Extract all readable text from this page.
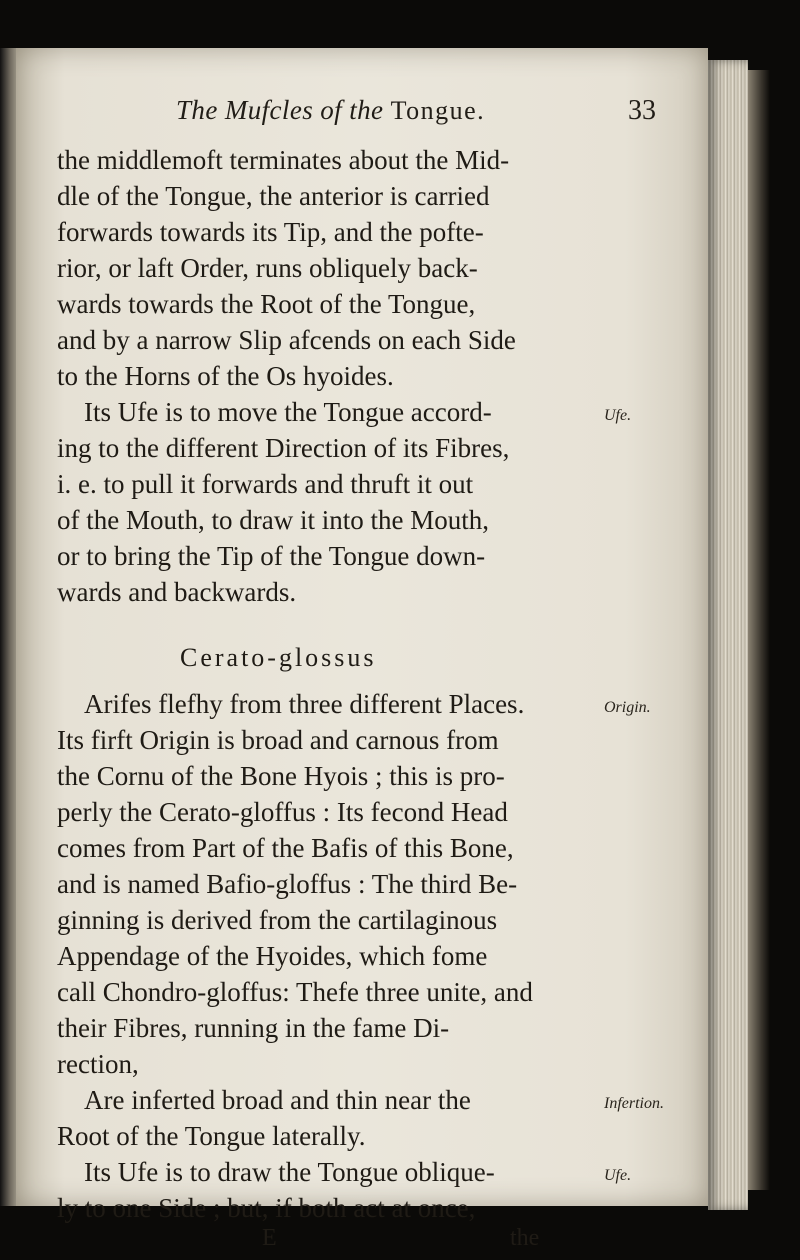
The Mufcles of the Tongue.	33
the middlemoft terminates about the Mid-
dle of the Tongue, the anterior is carried
forwards towards its Tip, and the pofte-
rior, or laft Order, runs obliquely back-
wards towards the Root of the Tongue,
and by a narrow Slip afcends on each Side
to the Horns of the Os hyoides.
Its Ufe is to move the Tongue accord-
ing to the different Direction of its Fibres,
i. e. to pull it forwards and thruft it out
of the Mouth, to draw it into the Mouth,
or to bring the Tip of the Tongue down-
wards and backwards.
Cerato-glossus
Arifes flefhy from three different Places.
Its firft Origin is broad and carnous from
the Cornu of the Bone Hyois ; this is pro-
perly the Cerato-gloffus : Its fecond Head
comes from Part of the Bafis of this Bone,
and is named Bafio-gloffus : The third Be-
ginning is derived from the cartilaginous
Appendage of the Hyoides, which fome
call Chondro-gloffus: Thefe three unite, and
their Fibres, running in the fame Di-
rection,
Are inferted broad and thin near the
Root of the Tongue laterally.
Its Ufe is to draw the Tongue oblique-
ly to one Side ; but, if both act at once,
Ufe.
Origin.
Infertion.
Ufe.
E	the
